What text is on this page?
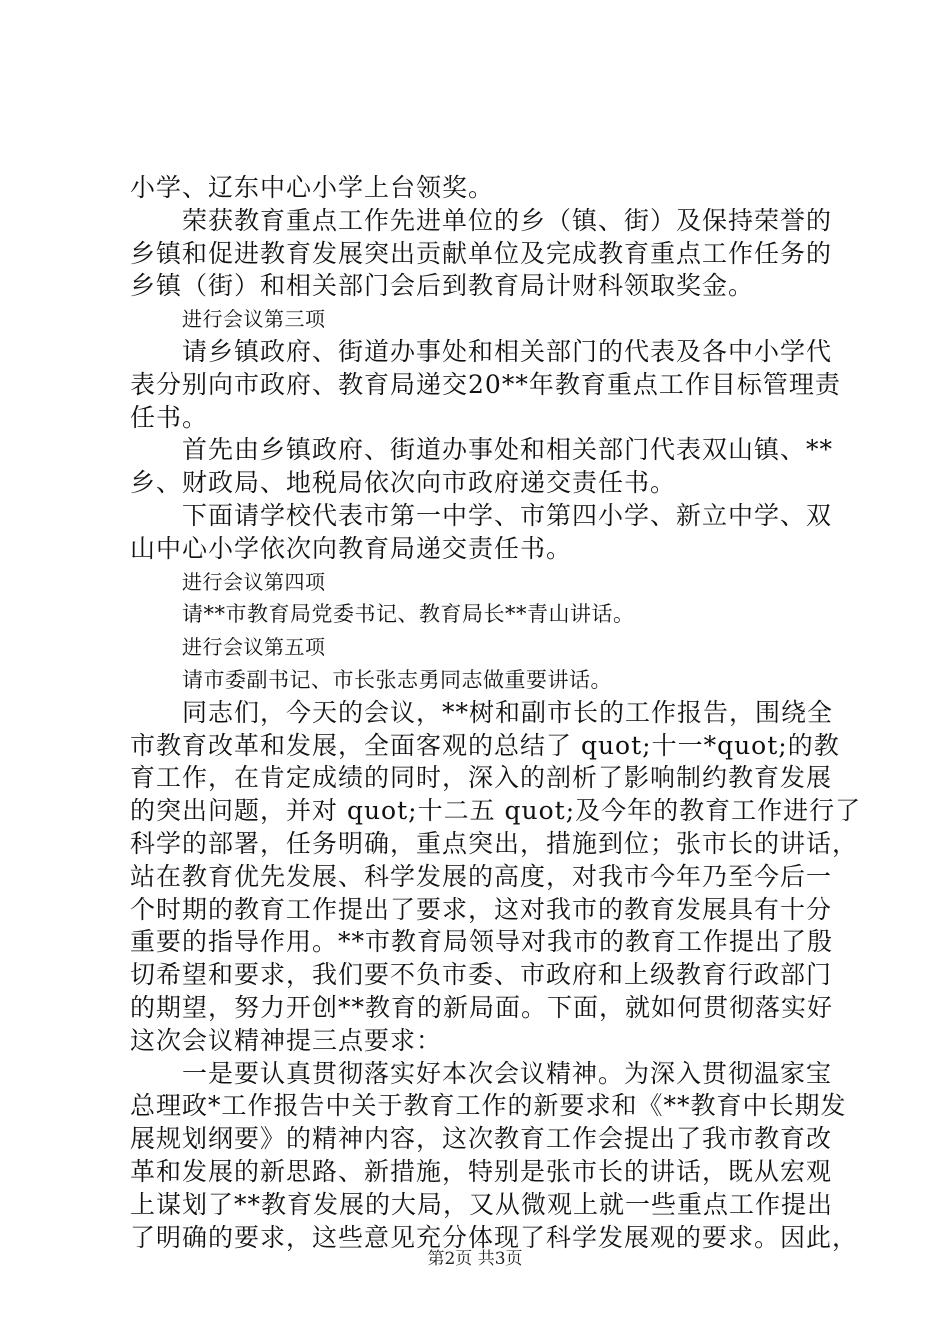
小学、辽东中心小学上台领奖。
荣获教育重点工作先进单位的乡（镇、街）及保持荣誉的
乡镇和促进教育发展突出贡献单位及完成教育重点工作任务的
乡镇（街）和相关部门会后到教育局计财科领取奖金。
进行会议第三项
请乡镇政府、街道办事处和相关部门的代表及各中小学代
表分别向市政府、教育局递交20**年教育重点工作目标管理责
任书。
首先由乡镇政府、街道办事处和相关部门代表双山镇、**
乡、财政局、地税局依次向市政府递交责任书。
下面请学校代表市第一中学、市第四小学、新立中学、双
山中心小学依次向教育局递交责任书。
进行会议第四项
请**市教育局党委书记、教育局长**青山讲话。
进行会议第五项
请市委副书记、市长张志勇同志做重要讲话。
同志们，今天的会议，**树和副市长的工作报告，围绕全
市教育改革和发展，全面客观的总结了 quot;十一*quot;的教
育工作，在肯定成绩的同时，深入的剖析了影响制约教育发展
的突出问题，并对 quot;十二五 quot;及今年的教育工作进行了
科学的部署，任务明确，重点突出，措施到位；张市长的讲话，
站在教育优先发展、科学发展的高度，对我市今年乃至今后一
个时期的教育工作提出了要求，这对我市的教育发展具有十分
重要的指导作用。**市教育局领导对我市的教育工作提出了殷
切希望和要求，我们要不负市委、市政府和上级教育行政部门
的期望，努力开创**教育的新局面。下面，就如何贯彻落实好
这次会议精神提三点要求：
一是要认真贯彻落实好本次会议精神。为深入贯彻温家宝
总理政*工作报告中关于教育工作的新要求和《**教育中长期发
展规划纲要》的精神内容，这次教育工作会提出了我市教育改
革和发展的新思路、新措施，特别是张市长的讲话，既从宏观
上谋划了**教育发展的大局，又从微观上就一些重点工作提出
了明确的要求，这些意见充分体现了科学发展观的要求。因此，
第2页 共3页
